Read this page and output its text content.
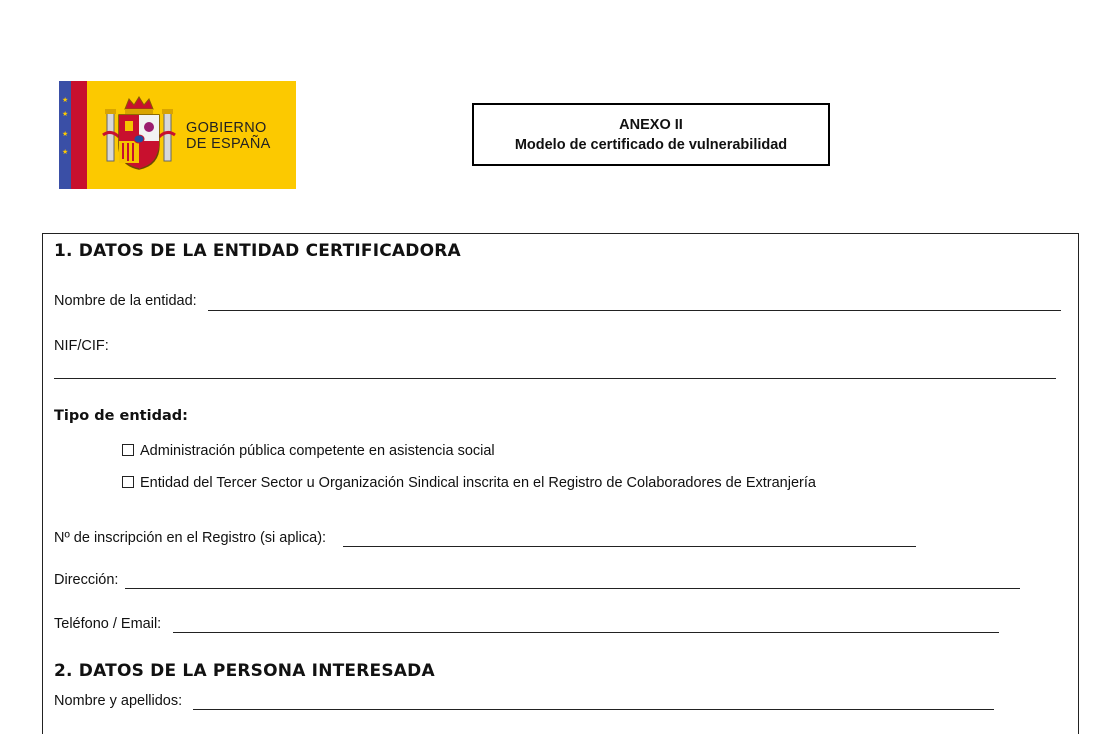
★
★
★
★
GOBIERNO
DE ESPAÑA
ANEXO II
Modelo de certificado de vulnerabilidad
1. DATOS DE LA ENTIDAD CERTIFICADORA
Nombre de la entidad:
NIF/CIF:
Tipo de entidad:
Administración pública competente en asistencia social
Entidad del Tercer Sector u Organización Sindical inscrita en el Registro de Colaboradores de Extranjería
Nº de inscripción en el Registro (si aplica):
Dirección:
Teléfono / Email:
2. DATOS DE LA PERSONA INTERESADA
Nombre y apellidos:
